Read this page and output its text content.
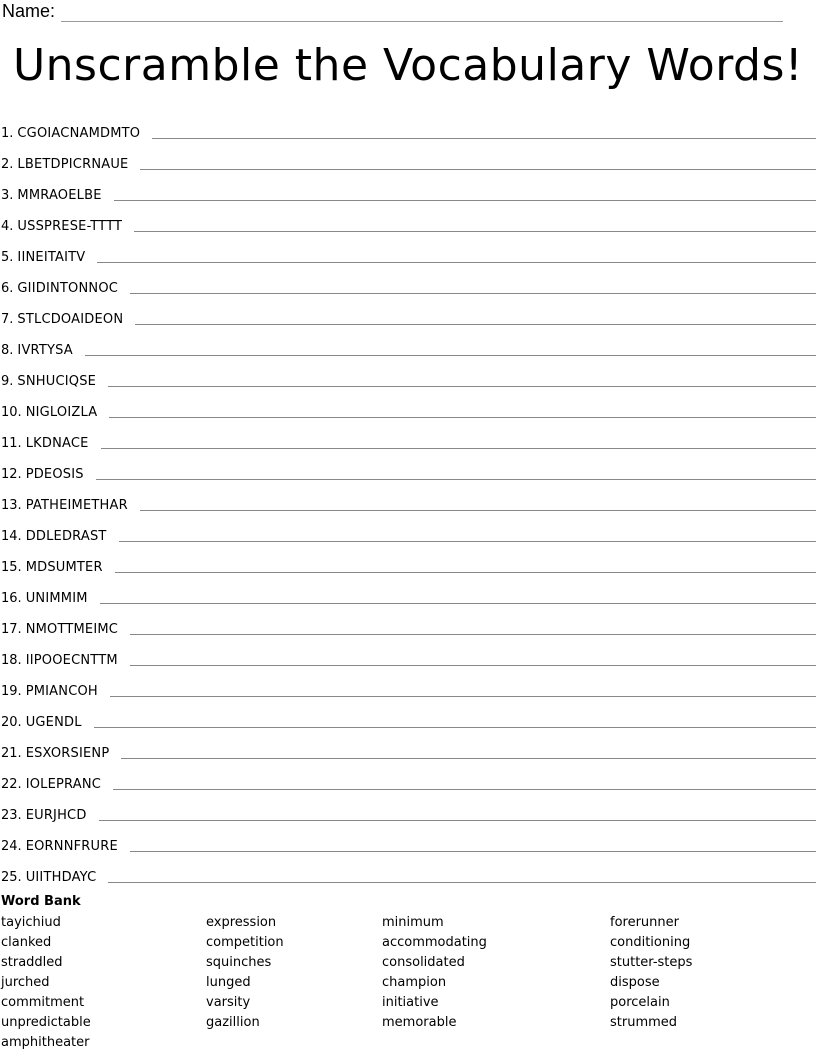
Name:
Unscramble the Vocabulary Words!
1. CGOIACNAMDMTO
2. LBETDPICRNAUE
3. MMRAOELBE
4. USSPRESE-TTTT
5. IINEITAITV
6. GIIDINTONNOC
7. STLCDOAIDEON
8. IVRTYSA
9. SNHUCIQSE
10. NIGLOIZLA
11. LKDNACE
12. PDEOSIS
13. PATHEIMETHAR
14. DDLEDRAST
15. MDSUMTER
16. UNIMMIM
17. NMOTTMEIMC
18. IIPOOECNTTM
19. PMIANCOH
20. UGENDL
21. ESXORSIENP
22. IOLEPRANC
23. EURJHCD
24. EORNNFRURE
25. UIITHDAYC
Word Bank
tayichiud
clanked
straddled
jurched
commitment
unpredictable
amphitheater
expression
competition
squinches
lunged
varsity
gazillion
minimum
accommodating
consolidated
champion
initiative
memorable
forerunner
conditioning
stutter-steps
dispose
porcelain
strummed
